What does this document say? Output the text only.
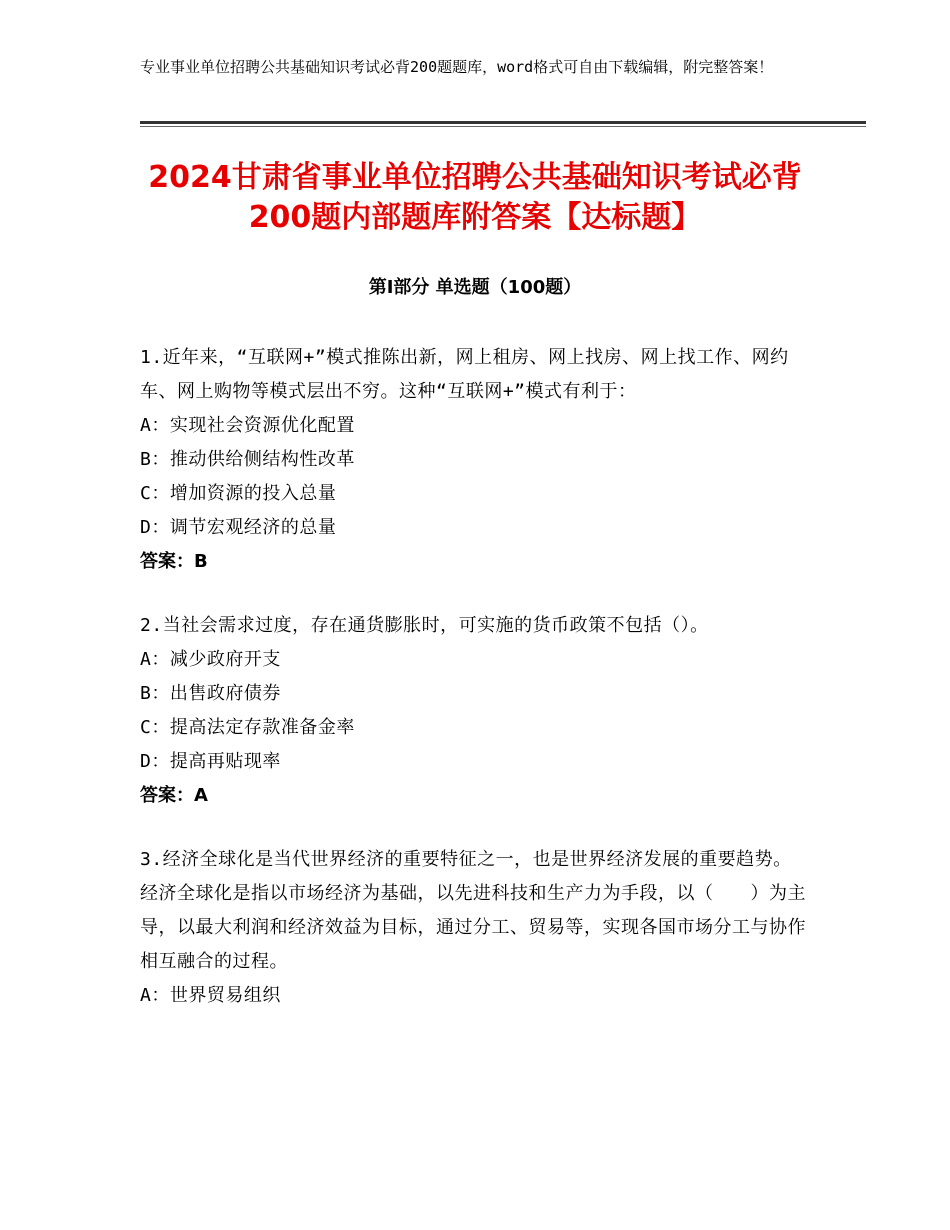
专业事业单位招聘公共基础知识考试必背200题题库，word格式可自由下载编辑，附完整答案！
2024甘肃省事业单位招聘公共基础知识考试必背200题内部题库附答案【达标题】
第Ⅰ部分 单选题（100题）
1.近年来，“互联网+”模式推陈出新，网上租房、网上找房、网上找工作、网约车、网上购物等模式层出不穷。这种“互联网+”模式有利于：
A：实现社会资源优化配置
B：推动供给侧结构性改革
C：增加资源的投入总量
D：调节宏观经济的总量
答案：B
2.当社会需求过度，存在通货膨胀时，可实施的货币政策不包括（）。
A：减少政府开支
B：出售政府债券
C：提高法定存款准备金率
D：提高再贴现率
答案：A
3.经济全球化是当代世界经济的重要特征之一，也是世界经济发展的重要趋势。经济全球化是指以市场经济为基础，以先进科技和生产力为手段，以（　　）为主导，以最大利润和经济效益为目标，通过分工、贸易等，实现各国市场分工与协作相互融合的过程。
A：世界贸易组织
